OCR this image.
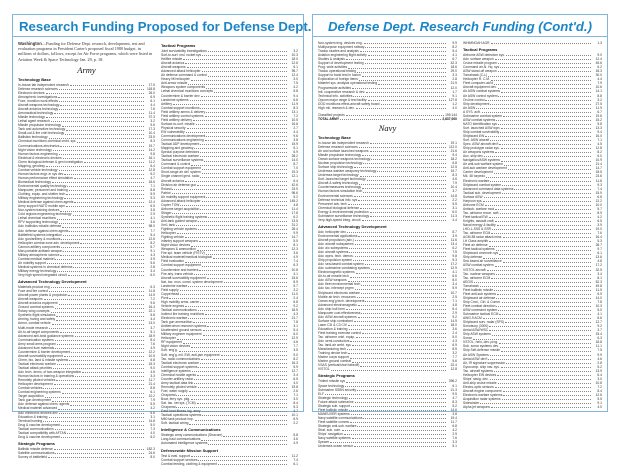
Research Funding Proposed for Defense Dept.

Washington—Funding for Defense Dept. research, development, test and evaluation programs in President Carter's proposed fiscal 1980 budget, in millions of dollars, follows, except for Air Force programs, which were listed in Aviation Week & Space Technology Jan. 29, p. 18:

Army
Technology Base
In-house lab independent research	17.5
Defense research sciences	118.8
Electronic devices	26.0
Atmospheric investigations	6.9
Fuze, munition work effects	6.1
Aircraft weapons technology	4.4
Aircraft avionics technology	7.6
Aeronautical technology	11.4
Missile technology	37.3
Lethal agent research	3.2
Missile propulsion technology	9.6
Tank and automotive technology	17.3
Small-cal & fire cntrl technology	10.4
Ballistics technology	23.5
Chemical munitions chemical cmbt. sys	8.3
Communications-electronics	19.7
Night vision technology	14.2
Human factors engineering	9.8
Electrical & electronic devices	16.1
Chem biological defense & gen investigation	11.2
Mapping, geodesy	6.4
Combat vehicle technology	12.8
Human factors engr. in sys dev	5.2
Human performance effect simulation	4.7
Biomedical technology	18.6
Environmental quality technology	7.1
Manpower, personnel and training	8.8
Clothing, equip. and shelter tech	5.9
Military engineering technology	9.3
Medical defense against chem agents	12.4
Army support NATO mobile wpn	6.5
Non-system training devices	3.8
Cold regions engineering technology	2.9
Lethal chemical munitions	4.1
RPV supporting technology	3.6
Adv. ballistics missile defense	98.0
Adv. defense against chem agents	7.7
Battlefield systems integration	5.4
Adv. gun/artillery & munitions	12.6
Helicopter combat zone adv. development	8.2
Cannon artillery components	6.7
Man-portable antitank weapon	9.1
Military atmospheric science	4.3
Combat medical materiel	3.9
Air mobility support	5.6
Medical systems in chemical defense	2.8
Military energy technology	3.4
Very high speed integrated circuit	6.0
Advanced Technology Development
Materials product eng	6.3
Fuze and fire control	11.8
Aircraft power plants & propulsion	14.5
Aircraft weapons	7.2
Aircraft avionics equipment	9.6
Ground combat systems	16.4
Rotary wing concepts	22.1
Synthetic flight simulators	5.8
Arming, fuzing and safety	4.4
Armor, combat vehicle	13.0
Multi-mode research	3.7
Air-to-air target components	5.1
Advanced anti-tank guidance systems	18.9
Communication systems	8.4
Army small arms program	7.6
Advanced fuze materials	4.9
Countermine & barrier development	12.2
Aircraft survivability equipment	10.5
Chem, bio, land & missile systems	6.8
Tactical electronic warfare	15.3
Tactical attack priorities	9.0
Adv. tech. demo, of two-weapon integration	4.6
Human factors in training & operations	3.3
Remotely piloted vehicles	11.7
Helicopter development	21.4
Combat vehicles	8.8
Combat engineering systems	6.1
Target acquisition	10.2
Tank gun development	7.9
Adv. defense against chem. agents	5.5
Medical materiel advanced	4.2
Adv. electronic devices dev	6.6
Education & training	3.1
Terminal homing	14.8
Drug & vaccine development	5.0
Tactical communications	7.3
Tactical compatibility with AFTAN	4.0
Drug & vaccine development	6.2
Strategic Programs
Ballistic missile defense	182.3
Satellite communications	24.6
Survey of battlefield	8.0
Tactical Programs
Joint survivability investigations	3.2
Surf-to-surf. msl. rocket sys	10.3
Hellfire missile	18.0
Aircraft avionics	12.6
Aircraft weapons	6.1
Advanced attack helicopter	95.7
Air defense command & control	12.4
Heavy lift helicopter	3.0
Anti-armor missile	7.5
Weapons system components	4.2
Lethal chemical munitions concepts	5.8
Countermine & barrier dev	9.4
Landmine systems	6.6
Artillery	11.9
Combat support munitions	8.3
Field artillery ammo & delivery	13.1
Field artillery control systems	7.2
Field artillery delivery	10.5
Surface-to-surf. missile	16.8
Physical security	2.7
EW vulnerability	4.4
Communications development	9.6
Communications engineering	3.8
Tactical ADP development	15.9
Mapping and geodesy	5.1
Special purpose detectors	6.9
Tactical electronic warfare	28.2
Tactical surveillance systems	14.0
Command & control	8.7
Combat support equipment	7.0
Short-range air def. system	19.3
Single channel grnd. radio	12.1
Aircraft avionics	6.4
Division air defense gun	42.6
Roland	23.9
Patriot	98.6
Air mobility support equipment	5.2
Advanced attack helicopter	145.2
Copter TOW	4.8
Airborne target acquisition	11.4
Stinger	17.8
Synthetic flight training systems	6.2
Anti-tank guided weapon	13.5
Xm1 tank	31.2
Fighting vehicle systems	28.4
Helicopter	9.9
Fighting vehicle	14.7
Infantry support weapons	5.5
Night vision devices	8.1
Weapons & ammunition	12.3
Fire spt. team vehicle (FISTV)	3.6
Medical materiel/medical biological	4.9
Field evaluation	7.4
Combat support equipment	6.3
Countermine and barriers	10.8
Fire arty. trans vehicle	4.1
Aircraft survivability equipment	15.6
Nat. tac. mun. comd. system development	8.9
Landmine warfare	5.7
Field supply	3.2
Copperhead	11.0
Pivot	2.4
High mobility arms. carrier	6.8
Vehicle engines	9.2
Tactical communications	18.5
Indirect fire training munitions	4.3
Electronic warfare	21.7
Tank gun ammunition	7.8
Antiterrorism research systems	3.1
Unattended ground sensors	5.4
Military engineer equipment	6.0
Helicopter	12.9
RP equipment	4.6
Night vision devices	7.7
Soft. eng'g.	3.5
Soft. eng'g. mil. EW, anti-jam equipment	9.0
Tac. radio communications	8.2
Tactical electronic warfare	16.3
Combat support systems	5.9
Intelligence systems	12.7
Chemical hostile agents	3.4
Counter-artillery radar	6.5
Army tactical data link	4.0
Remotely piloted vehicle	19.8
Fuel, water supply	2.6
Chaparral	7.1
Boat, ferry sys. pkg.	3.0
Sat. tac. net sys. (TCM)	8.4
Chaparral	5.3
Eastl heat fitness ing, army	4.7
Tactical operations systems	10.1
M60 tank product imp.	6.9
Soft. tactical wiring	2.2
Intelligence & Communications
Strategic army communications (Stracom)	5.8
Long-haul communications	3.6
Automated intelligence systems	4.9
Defensewide Mission Support
Test & eval. support	11.2
Combat support services	7.4
Combat feeding, clothing & equipment	6.1
Defense Dept. Research Funding (Cont'd.)
Non-system trng. devices eng.	9.9
Multipurpose equipment railway	8.2
Tradoc studies and analysis	5.4
Aviation engineering flight activity	4.1
Studies & analysis	6.7
Support of development testing	42.3
Prog. wide activities	18.6
Tradoc operational testing	29.0
Support to bank test in fusion	3.3
Exploration of foreign items	2.8
Materiel sys. analysis operational testing	21.5
Programwide activities	12.0
Intl. cooperative research & dev.	1.7
Technical info. activities	9.1
Opcom major range & test facility	127.8
DOD munitions effect-aircraft safety board	1.2
High mil. research & dev.	4.0
Classified projects	195.144
TOTAL ARMY	2,837,000
Navy
Technology Base
In-house lab independent research	19.1
Defense research sciences	112.0
Air and surface launched weapons	21.6
Missile propulsion technology	9.4
Ocean surface weapons technology	18.2
Nuclear propulsion technology	6.8
Surface ship technology	12.5
Undersea warfare weaponry technology	15.7
Undersea target technology	8.3
Surf.-launched target technology	4.6
Aircraft & safety technology	7.9
Countermeasures technology	10.4
Human factors simulation tech	3.7
Environmental sciences	14.8
Defense technical info. sys	2.2
Personnel adv. tech	5.5
Chemical biological defense	3.1
Energy & environmental protection	6.0
Submarine surveillance technology	11.3
Very-high-speed integ. circuit	4.4
Advanced Technology Development
Adv. helicopter dev.	8.7
Environmental applications	3.9
Aircraft propulsion (adv.)	11.6
Adv. aircraft subsystems	13.4
Adv. a/c subsystems	6.2
Adv. aircraft systems	7.5
Adv. wpns. tech. demos.	9.8
Ship propulsion system	5.3
Adv. sea-based combat system	17.2
Adv. submarine combating systems	12.9
Electromagnetic systems	4.1
Air-to-air missile tech	6.6
Adv. ASW weapons	8.0
Adv. fleet environmental tech	3.4
Adv. tac. intercept prgrm	5.9
Shipboard electronic warfare	10.7
Mobile air tech. resources	2.5
Ocean eng'g tech. development	7.1
Advanced electromagnetic	4.8
Adv. ship hull form	6.4
Manpower cost effectiveness	2.9
Adv. ASW aircraft systems	9.2
Surface ship combatant	14.5
Laser C3I & C3 CIV	18.0
Education & training	3.6
Fleet training exercise control	2.4
Tac. airborne cntrl. equip.	5.0
Adv. semi-conductors	4.3
Tac. land-air cmbt. sys	6.9
Manufacturing tech	8.5
Training device tech	3.2
Marine corps support	7.7
Marine ground combat	5.6
VSAS (vertical/short takeoff)	22.4
V/STOL	12.8
Strategic Programs
Trident missile sys	396.2
Space technology	6.1
Submarine SSBN security	21.3
ELF	9.5
Strategic technology	4.7
Future attack submarine	8.3
Strategic sub. support	5.2
Fleet ballistic missile	14.6
MANEUVER systems	3.8
Navy satellite communications	19.4
Fleet satellite comms	11.7
Strategic anti-sub. warfare	6.8
Strat. sub. com.	4.2
Ships' navigation	2.9
Navy satellite systems	7.6
Spewer	3.3
Undersea ocean sensor	5.1
WHIMNOAH AGR	1.3
Tactical Programs
Airborne ASW detection sys.	9.0
Adv. surface weapon	12.4
Cruise missile program	45.6
Command air-N. Hq. sys	6.2
ASW stand-off weapon	18.3
Tomahawk (C-L)	30.0
Helicopter R. C.M.	4.4
Fleet computer-aid'd	7.9
Aircraft equipment dev.	10.6
Air ASW combat systems	14.1
Air ASW control system	8.8
On-line control	3.2
Ship development	27.5
Air ASW	11.9
A SYS. acft.	6.7
Submarine combat system	19.6
ASW combat systems	15.2
NATO identification sys	5.8
Surf. launched ASW wpn.	13.3
Ship combat survivability	9.4
Shipboard EW	16.0
Surf. ASW aircraft	7.1
Spec. ASW aircraft dev't	4.5
Ship prototype radar sys.	12.8
Air weapons systems	8.2
Aux. ship dev.	6.0
Navigation/ASW systems	10.9
Air anti-sub warfare system	21.4
Anti-sub warfare development	14.7
Carrier development	18.5
Mk. 48 torpedo	23.6
Electronic warfare	11.8
Shipboard combat system	9.3
Advanced command data systems	7.4
Tactical sub. development	15.9
Surface ASW	6.6
Harpoon sys.	12.2
Airborne ECM	10.0
Antisub. warfare mod	5.7
Tac. airborne recon. acft.	8.9
Fleet tactical EW	4.2
Knights, assault craft	6.5
Naval energy & facility	3.9
LHD-L-SSS & SSR	19.0
Tac. airborne ECM	7.6
AGM-88 radar attack miss.	16.4
LH Class amphib	5.3
Fleet air defense	28.7
Fleet tactical systems	9.7
Shipboard cmmnctn sys	6.1
Ship defense	13.6
Sea based air surveillance	4.8
ASW combat system	17.2
V/STOL aircraft	32.5
Tac. nuclear weapons	3.4
Tac. airborne ECM	8.1
AEGIS	52.3
Tomahawk	49.8
Fleet ballistic missile	11.5
Fleet anti-sub systems	6.9
Shipboard air defense	14.0
Ship Cmd., Ctrl. & Comm.	7.8
Fleet combat direction	10.3
ASW command system	5.0
Submarine tactical ECM	4.1
AWG-9 ACM	8.6
Shipboard surv. radar (SPS)	12.7
Sonobuoy (3000)	9.2
Aerial ASW/WSC	3.7
Ship ASW systems	15.4
Sonar	6.3
VSTOL, helo, dev. prog.	18.8
Sub. sonar systems dev.	11.1
Ship Self-defense missile	7.5
Air ASW Systems	9.9
Aerial ASW dev't	4.6
Air, IR signature suppression	2.8
Gyrocomp. ship nav. sys.	5.2
Tac. aircraft systems	13.9
Helicopter EW devices	6.4
Ships' navig. dev.	3.0
Anti-ship cruise missile	10.8
Electro-optic sensors	7.2
Aircraft engine component	8.4
Electronic warfare systems	12.6
Acquisition radar systems	5.5
Sidewinder	9.1
Alpha jet weapons	4.0
